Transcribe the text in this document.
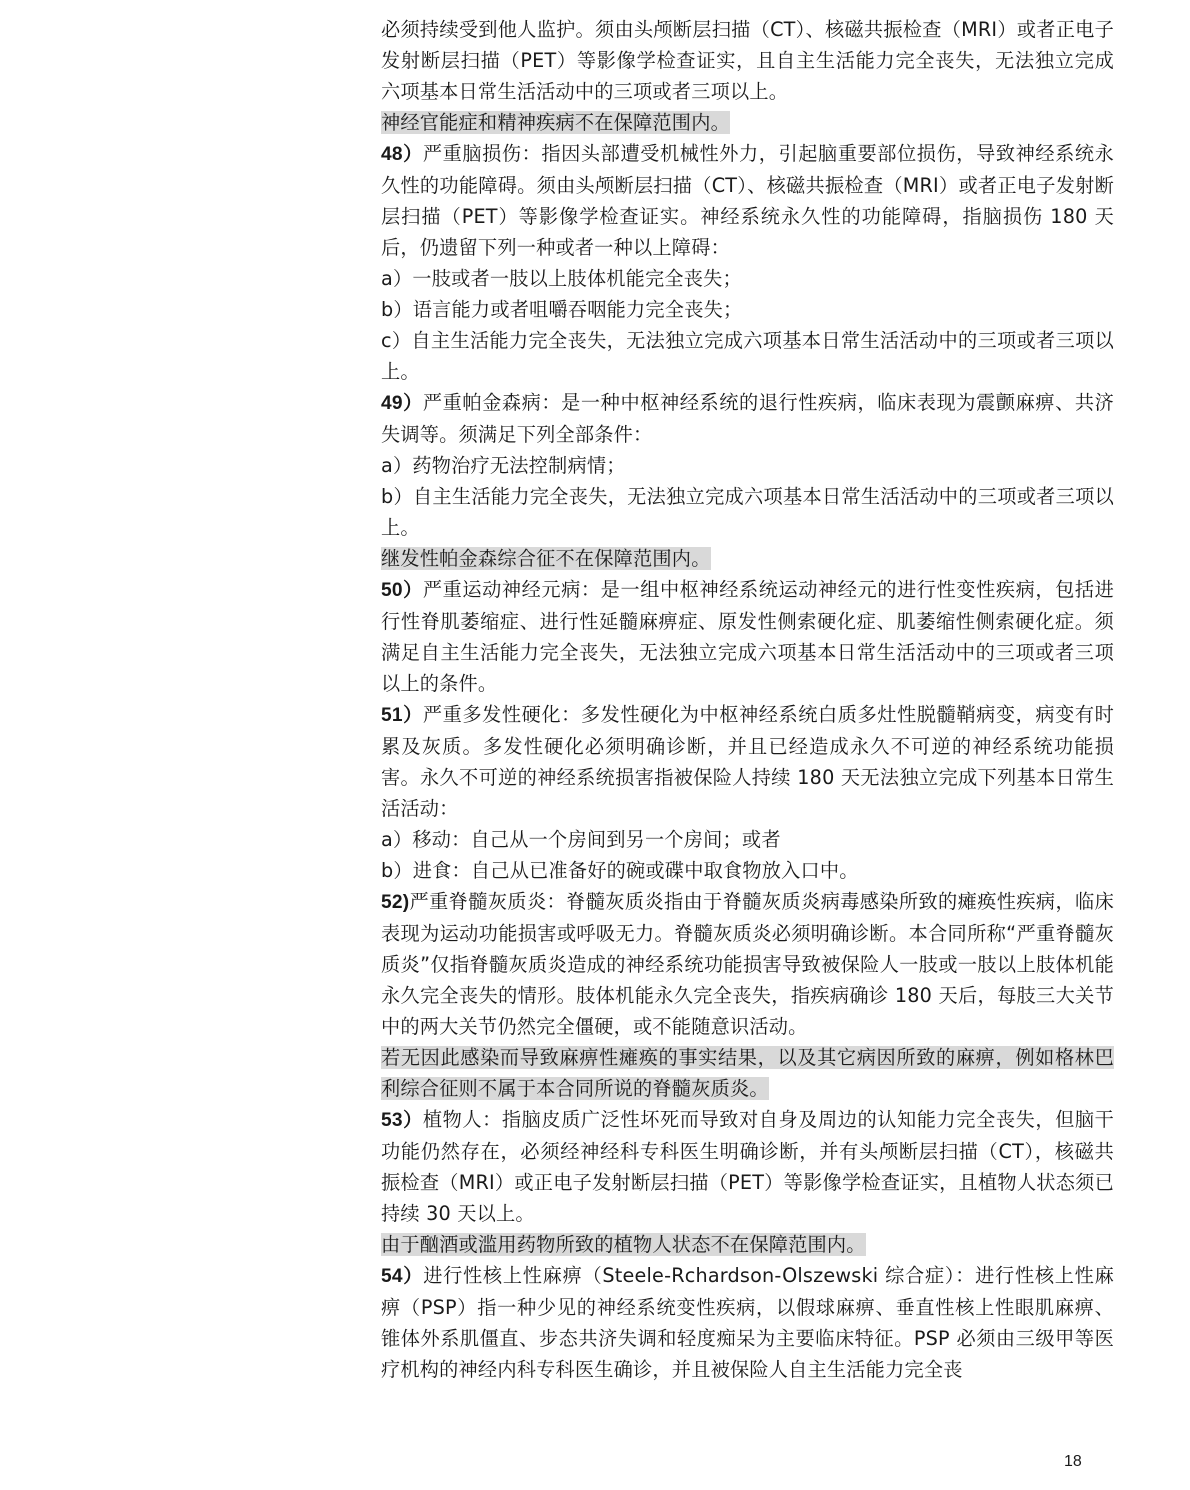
必须持续受到他人监护。须由头颅断层扫描（CT）、核磁共振检查（MRI）或者正电子发射断层扫描（PET）等影像学检查证实，且自主生活能力完全丧失，无法独立完成六项基本日常生活活动中的三项或者三项以上。

神经官能症和精神疾病不在保障范围内。

48）严重脑损伤：指因头部遭受机械性外力，引起脑重要部位损伤，导致神经系统永久性的功能障碍。须由头颅断层扫描（CT）、核磁共振检查（MRI）或者正电子发射断层扫描（PET）等影像学检查证实。神经系统永久性的功能障碍，指脑损伤 180 天后，仍遗留下列一种或者一种以上障碍：

a）一肢或者一肢以上肢体机能完全丧失；

b）语言能力或者咀嚼吞咽能力完全丧失；

c）自主生活能力完全丧失，无法独立完成六项基本日常生活活动中的三项或者三项以上。

49）严重帕金森病：是一种中枢神经系统的退行性疾病，临床表现为震颤麻痹、共济失调等。须满足下列全部条件：

a）药物治疗无法控制病情；

b）自主生活能力完全丧失，无法独立完成六项基本日常生活活动中的三项或者三项以上。

继发性帕金森综合征不在保障范围内。

50）严重运动神经元病：是一组中枢神经系统运动神经元的进行性变性疾病，包括进行性脊肌萎缩症、进行性延髓麻痹症、原发性侧索硬化症、肌萎缩性侧索硬化症。须满足自主生活能力完全丧失，无法独立完成六项基本日常生活活动中的三项或者三项以上的条件。

51）严重多发性硬化：多发性硬化为中枢神经系统白质多灶性脱髓鞘病变，病变有时累及灰质。多发性硬化必须明确诊断，并且已经造成永久不可逆的神经系统功能损害。永久不可逆的神经系统损害指被保险人持续 180 天无法独立完成下列基本日常生活活动：

a）移动：自己从一个房间到另一个房间；或者

b）进食：自己从已准备好的碗或碟中取食物放入口中。

52)严重脊髓灰质炎：脊髓灰质炎指由于脊髓灰质炎病毒感染所致的瘫痪性疾病，临床表现为运动功能损害或呼吸无力。脊髓灰质炎必须明确诊断。本合同所称“严重脊髓灰质炎”仅指脊髓灰质炎造成的神经系统功能损害导致被保险人一肢或一肢以上肢体机能永久完全丧失的情形。肢体机能永久完全丧失，指疾病确诊 180 天后，每肢三大关节中的两大关节仍然完全僵硬，或不能随意识活动。

若无因此感染而导致麻痹性瘫痪的事实结果，以及其它病因所致的麻痹，例如格林巴利综合征则不属于本合同所说的脊髓灰质炎。

53）植物人：指脑皮质广泛性坏死而导致对自身及周边的认知能力完全丧失，但脑干功能仍然存在，必须经神经科专科医生明确诊断，并有头颅断层扫描（CT），核磁共振检查（MRI）或正电子发射断层扫描（PET）等影像学检查证实，且植物人状态须已持续 30 天以上。

由于酗酒或滥用药物所致的植物人状态不在保障范围内。

54）进行性核上性麻痹（Steele-Rchardson-Olszewski 综合症）：进行性核上性麻痹（PSP）指一种少见的神经系统变性疾病，以假球麻痹、垂直性核上性眼肌麻痹、锥体外系肌僵直、步态共济失调和轻度痴呆为主要临床特征。PSP 必须由三级甲等医疗机构的神经内科专科医生确诊，并且被保险人自主生活能力完全丧

18
